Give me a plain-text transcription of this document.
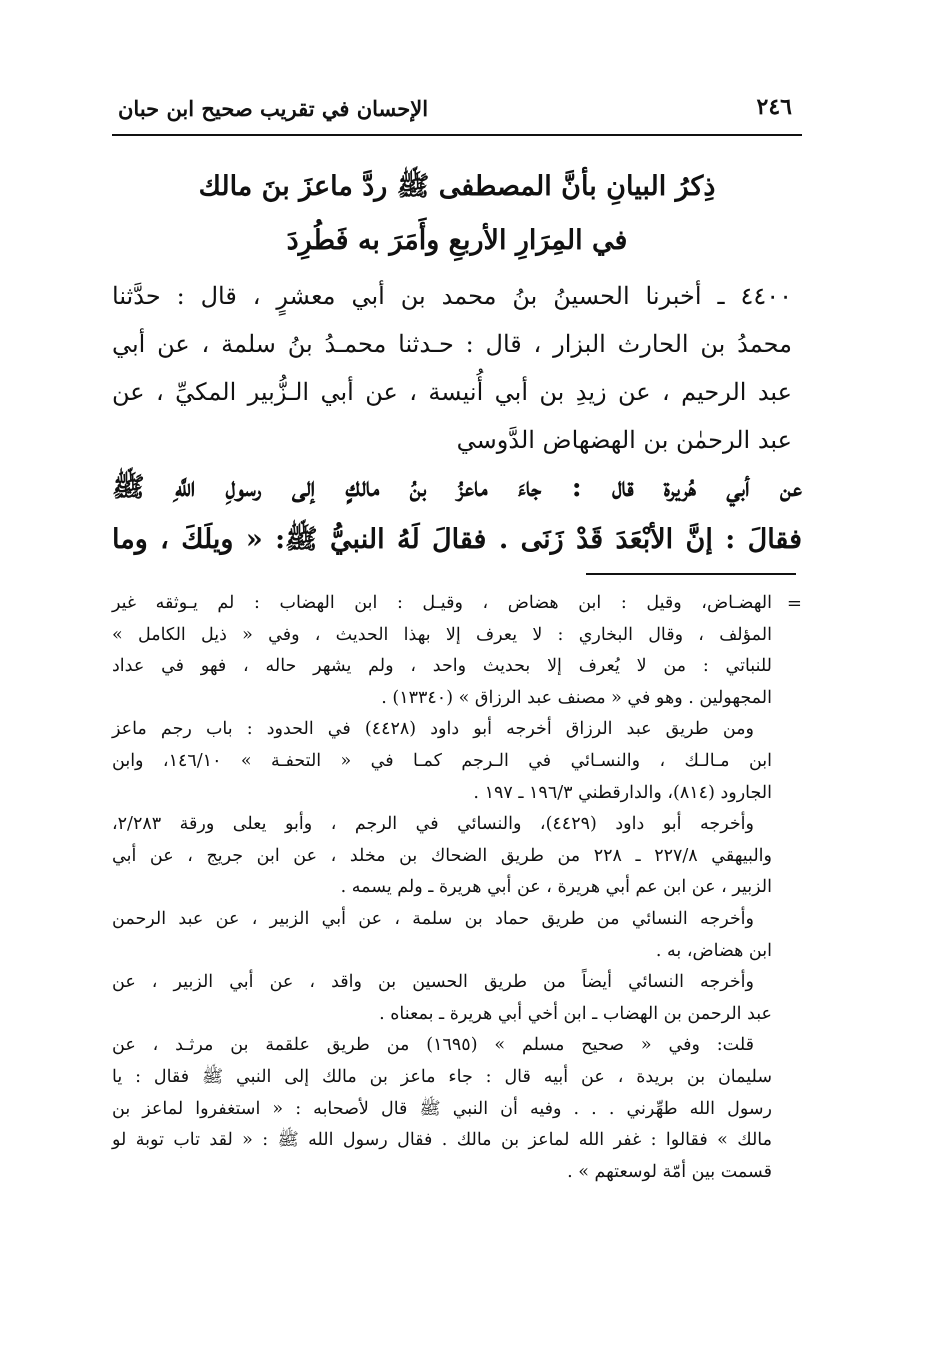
٢٤٦
الإحسان في تقريب صحيح ابن حبان
ذِكرُ البيانِ بأنَّ المصطفى ﷺ ردَّ ماعزَ بنَ مالك
في المِرَارِ الأربعِ وأَمَرَ به فَطُرِدَ
٤٤٠٠ ـ أخبرنا الحسينُ بنُ محمد بن أبي معشرٍ ، قال : حدَّثنا
محمدُ بن الحارث البزار ، قال : حـدثنا محمـدُ بنُ سلمة ، عن أبي
عبد الرحيم ، عن زيدِ بن أبي أُنيسة ، عن أبي الـزُّبير المكيِّ ، عن
عبد الرحمٰن بن الهضهاض الدَّوسي
عن أبي هُريرة قال : جاءَ ماعزُ بنُ مالكٍ إلى رسولِ اللَّهِ ﷺ
فقالَ : إنَّ الأبْعَدَ قَدْ زَنَى . فقالَ لَهُ النبيُّ ﷺ: « ويلَكَ ، وما
=
الهضـاض، وقيل : ابن هضاض ، وقيـل : ابن الهضاب : لم يـوثقه غير
المؤلف ، وقال البخاري : لا يعرف إلا بهذا الحديث ، وفي « ذيل الكامل »
للنباتي : من لا يُعرف إلا بحديث واحد ، ولم يشهر حاله ، فهو في عداد
المجهولين . وهو في « مصنف عبد الرزاق » (١٣٣٤٠) .
ومن طريق عبد الرزاق أخرجه أبو داود (٤٤٢٨) في الحدود : باب رجم ماعز
ابن مـالـك ، والنسـائي في الـرجم كمـا في « التحفـة » ١٤٦/١٠، وابن
الجارود (٨١٤)، والدارقطني ١٩٦/٣ ـ ١٩٧ .
وأخرجه أبو داود (٤٤٢٩)، والنسائي في الرجم ، وأبو يعلى ورقة ٢/٢٨٣،
والبيهقي ٢٢٧/٨ ـ ٢٢٨ من طريق الضحاك بن مخلد ، عن ابن جريج ، عن أبي
الزبير ، عن ابن عم أبي هريرة ، عن أبي هريرة ـ ولم يسمه .
وأخرجه النسائي من طريق حماد بن سلمة ، عن أبي الزبير ، عن عبد الرحمن
ابن هضاض، به .
وأخرجه النسائي أيضاً من طريق الحسين بن واقد ، عن أبي الزبير ، عن
عبد الرحمن بن الهضاب ـ ابن أخي أبي هريرة ـ بمعناه .
قلت: وفي « صحيح مسلم » (١٦٩٥) من طريق علقمة بن مرثـد ، عن
سليمان بن بريدة ، عن أبيه قال : جاء ماعز بن مالك إلى النبي ﷺ فقال : يا
رسول الله طهِّرني . . . وفيه أن النبي ﷺ قال لأصحابه : « استغفروا لماعز بن
مالك » فقالوا : غفر الله لماعز بن مالك . فقال رسول الله ﷺ : « لقد تاب توبة لو
قسمت بين أمّة لوسعتهم » .
